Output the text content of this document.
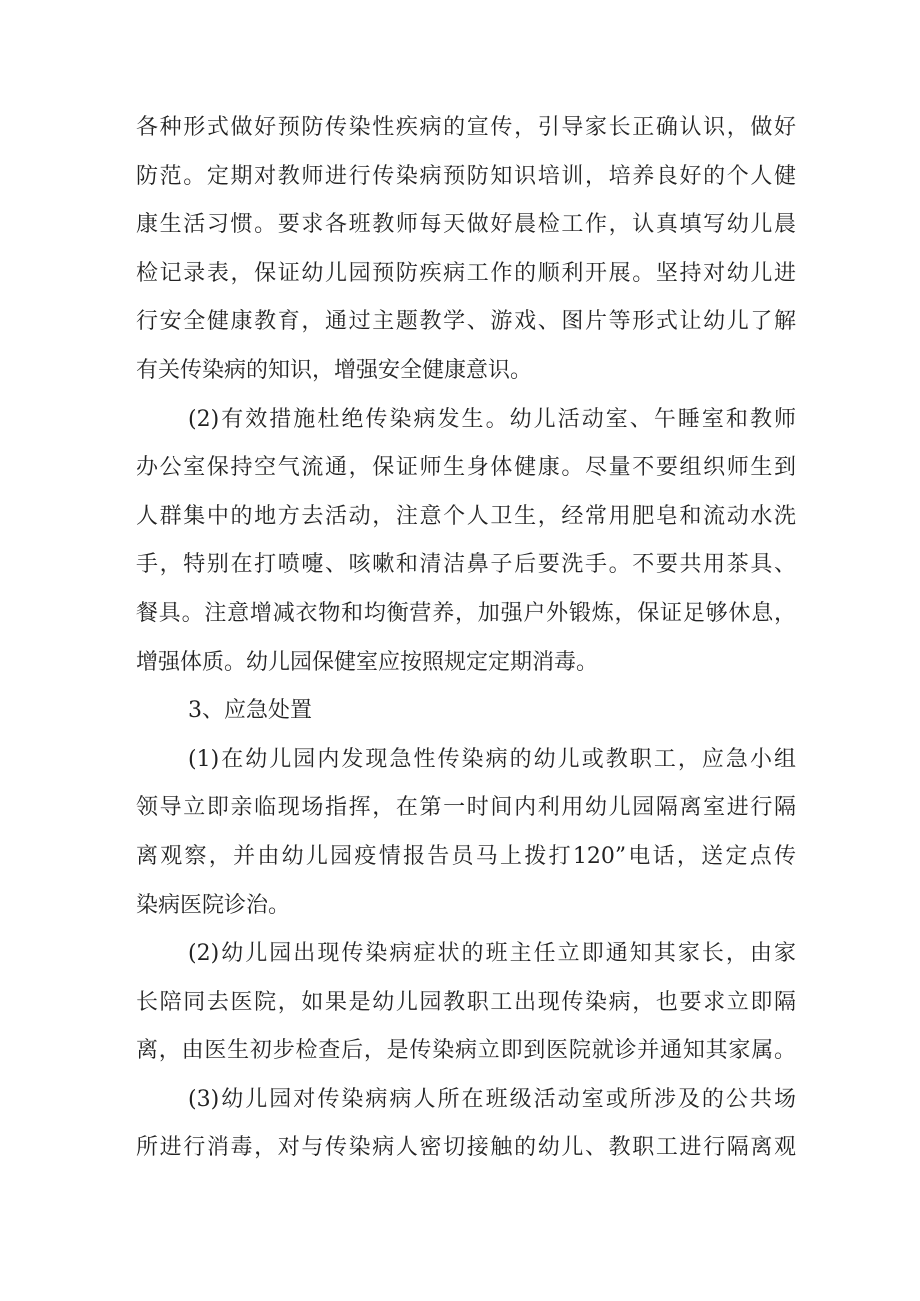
各种形式做好预防传染性疾病的宣传，引导家长正确认识，做好
防范。定期对教师进行传染病预防知识培训，培养良好的个人健
康生活习惯。要求各班教师每天做好晨检工作，认真填写幼儿晨
检记录表，保证幼儿园预防疾病工作的顺利开展。坚持对幼儿进
行安全健康教育，通过主题教学、游戏、图片等形式让幼儿了解
有关传染病的知识，增强安全健康意识。
(2)有效措施杜绝传染病发生。幼儿活动室、午睡室和教师
办公室保持空气流通，保证师生身体健康。尽量不要组织师生到
人群集中的地方去活动，注意个人卫生，经常用肥皂和流动水洗
手，特别在打喷嚏、咳嗽和清洁鼻子后要洗手。不要共用茶具、
餐具。注意增减衣物和均衡营养，加强户外锻炼，保证足够休息，
增强体质。幼儿园保健室应按照规定定期消毒。
3、应急处置
(1)在幼儿园内发现急性传染病的幼儿或教职工，应急小组
领导立即亲临现场指挥，在第一时间内利用幼儿园隔离室进行隔
离观察，并由幼儿园疫情报告员马上拨打120”电话，送定点传
染病医院诊治。
(2)幼儿园出现传染病症状的班主任立即通知其家长，由家
长陪同去医院，如果是幼儿园教职工出现传染病，也要求立即隔
离，由医生初步检查后，是传染病立即到医院就诊并通知其家属。
(3)幼儿园对传染病病人所在班级活动室或所涉及的公共场
所进行消毒，对与传染病人密切接触的幼儿、教职工进行隔离观
